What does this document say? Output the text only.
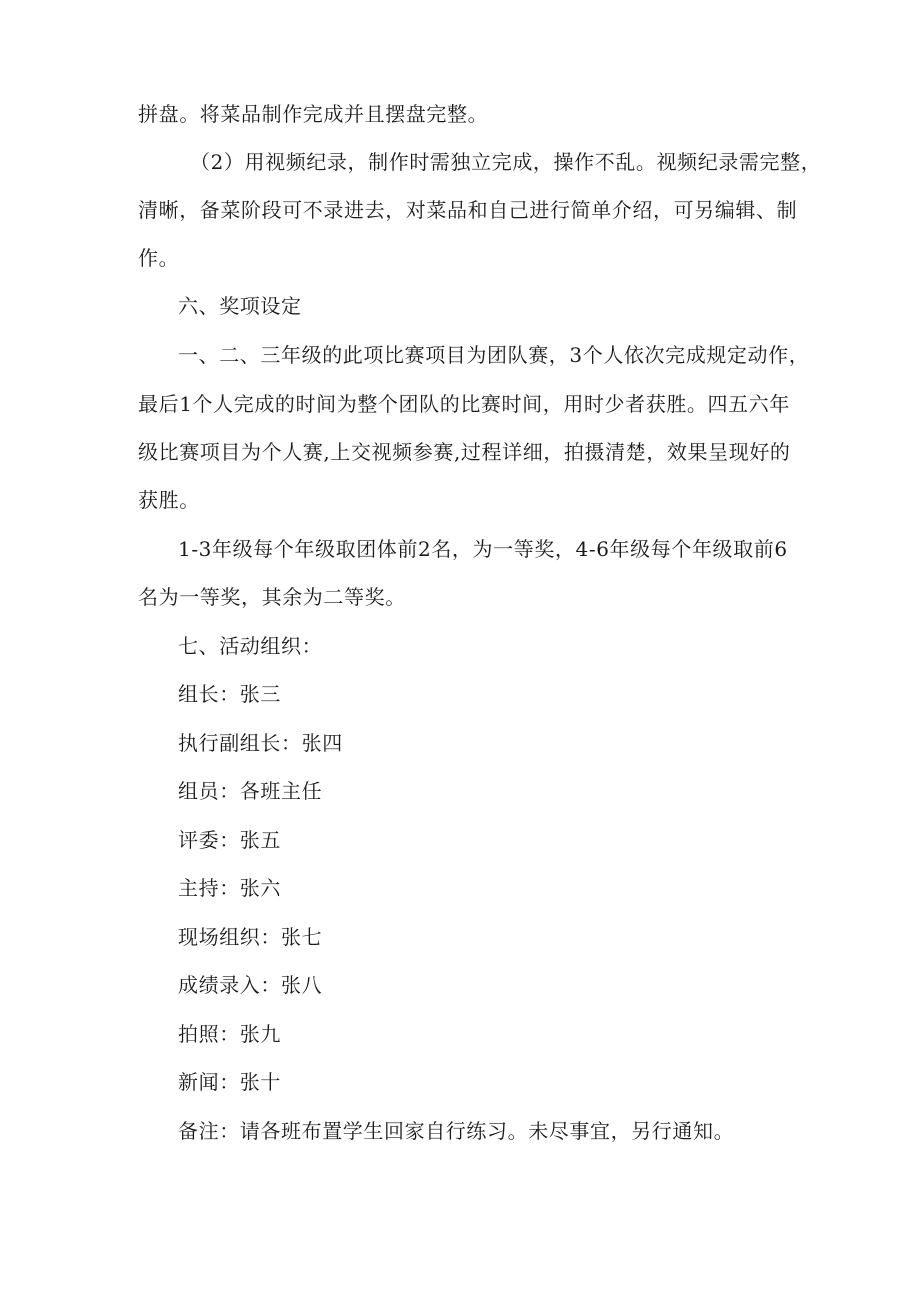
拼盘。将菜品制作完成并且摆盘完整。
（2）用视频纪录，制作时需独立完成，操作不乱。视频纪录需完整，
清晰，备菜阶段可不录进去，对菜品和自己进行简单介绍，可另编辑、制
作。
六、奖项设定
一、二、三年级的此项比赛项目为团队赛，3个人依次完成规定动作，
最后1个人完成的时间为整个团队的比赛时间，用时少者获胜。四五六年
级比赛项目为个人赛,上交视频参赛,过程详细，拍摄清楚，效果呈现好的
获胜。
1-3年级每个年级取团体前2名，为一等奖，4-6年级每个年级取前6
名为一等奖，其余为二等奖。
七、活动组织：
组长：张三
执行副组长：张四
组员：各班主任
评委：张五
主持：张六
现场组织：张七
成绩录入：张八
拍照：张九
新闻：张十
备注：请各班布置学生回家自行练习。未尽事宜，另行通知。
